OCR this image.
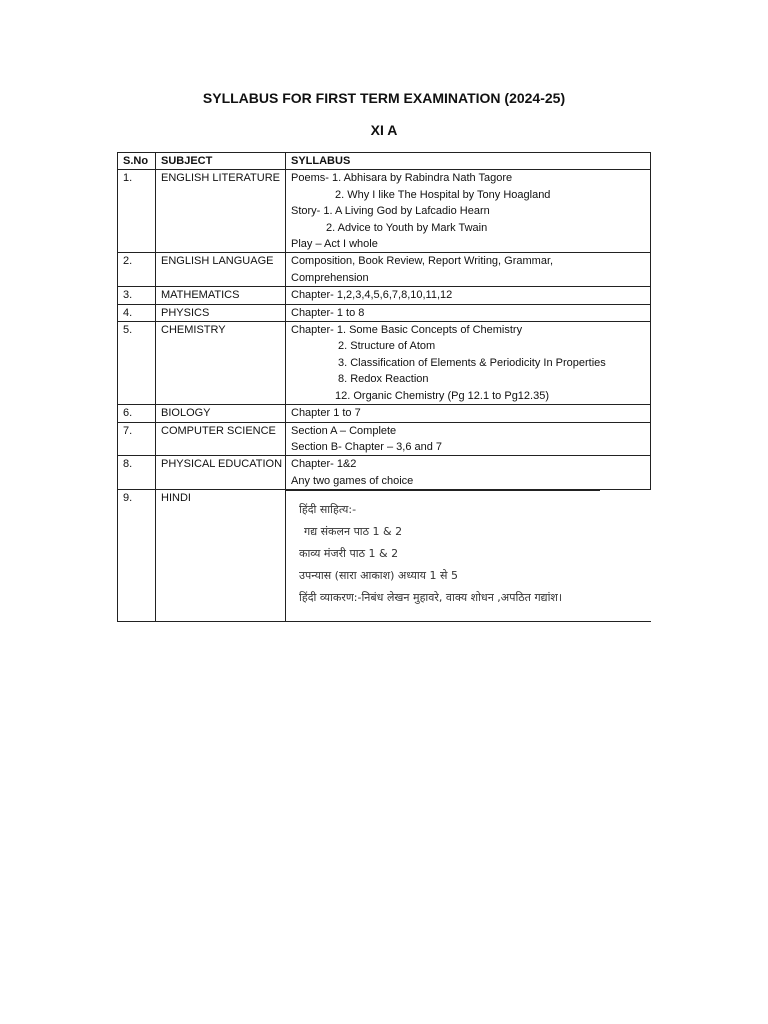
SYLLABUS FOR FIRST TERM EXAMINATION (2024-25)
XI A
S.No	SUBJECT	SYLLABUS
1.	ENGLISH LITERATURE	Poems- 1. Abhisara by Rabindra Nath Tagore
2. Why I like The Hospital by Tony Hoagland
Story- 1. A Living God by Lafcadio Hearn
2. Advice to Youth by Mark Twain
Play – Act I whole

2.	ENGLISH LANGUAGE	Composition, Book Review, Report Writing, Grammar,
Comprehension

3.	MATHEMATICS	Chapter- 1,2,3,4,5,6,7,8,10,11,12

4.	PHYSICS	Chapter- 1 to 8

5.	CHEMISTRY	Chapter- 1. Some Basic Concepts of Chemistry
2. Structure of Atom
3. Classification of Elements & Periodicity In Properties
8. Redox Reaction
12. Organic Chemistry (Pg 12.1 to Pg12.35)

6.	BIOLOGY	Chapter 1 to 7

7.	COMPUTER SCIENCE	Section A – Complete
Section B- Chapter – 3,6 and 7

8.	PHYSICAL EDUCATION	Chapter- 1&2
Any two games of choice

9.	HINDI	हिंदी साहित्य:-
गद्य संकलन पाठ 1 & 2
काव्य मंजरी पाठ 1 & 2
उपन्यास (सारा आकाश) अध्याय 1 से 5
हिंदी व्याकरण:-निबंध लेखन मुहावरे, वाक्य शोधन ,अपठित गद्यांश।
